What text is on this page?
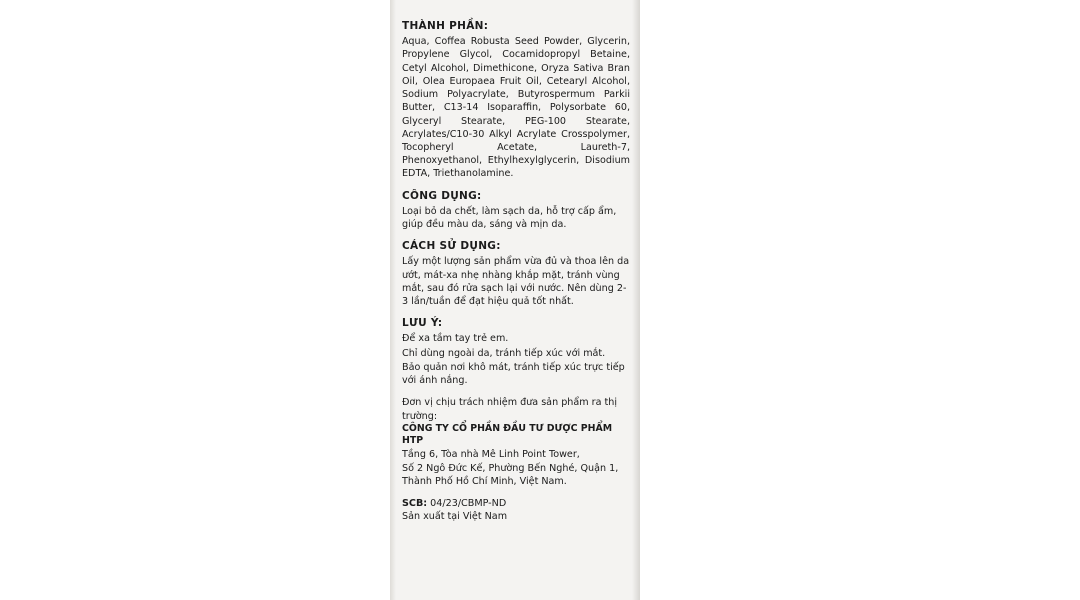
THÀNH PHẦN:

Aqua, Coffea Robusta Seed Powder, Glycerin, Propylene Glycol, Cocamidopropyl Betaine, Cetyl Alcohol, Dimethicone, Oryza Sativa Bran Oil, Olea Europaea Fruit Oil, Cetearyl Alcohol, Sodium Polyacrylate, Butyrospermum Parkii Butter, C13-14 Isoparaffin, Polysorbate 60, Glyceryl Stearate, PEG-100 Stearate, Acrylates/C10-30 Alkyl Acrylate Crosspolymer, Tocopheryl Acetate, Laureth-7, Phenoxyethanol, Ethylhexylglycerin, Disodium EDTA, Triethanolamine.

CÔNG DỤNG:

Loại bỏ da chết, làm sạch da, hỗ trợ cấp ẩm, giúp đều màu da, sáng và mịn da.

CÁCH SỬ DỤNG:

Lấy một lượng sản phẩm vừa đủ và thoa lên da ướt, mát-xa nhẹ nhàng khắp mặt, tránh vùng mắt, sau đó rửa sạch lại với nước. Nên dùng 2-3 lần/tuần để đạt hiệu quả tốt nhất.

LƯU Ý:

Để xa tầm tay trẻ em.

Chỉ dùng ngoài da, tránh tiếp xúc với mắt.

Bảo quản nơi khô mát, tránh tiếp xúc trực tiếp với ánh nắng.

Đơn vị chịu trách nhiệm đưa sản phẩm ra thị trường:

CÔNG TY CỔ PHẦN ĐẦU TƯ DƯỢC PHẨM HTP

Tầng 6, Tòa nhà Mê Linh Point Tower,

Số 2 Ngô Đức Kế, Phường Bến Nghé, Quận 1,

Thành Phố Hồ Chí Minh, Việt Nam.

SCB: 04/23/CBMP-ND

Sản xuất tại Việt Nam
